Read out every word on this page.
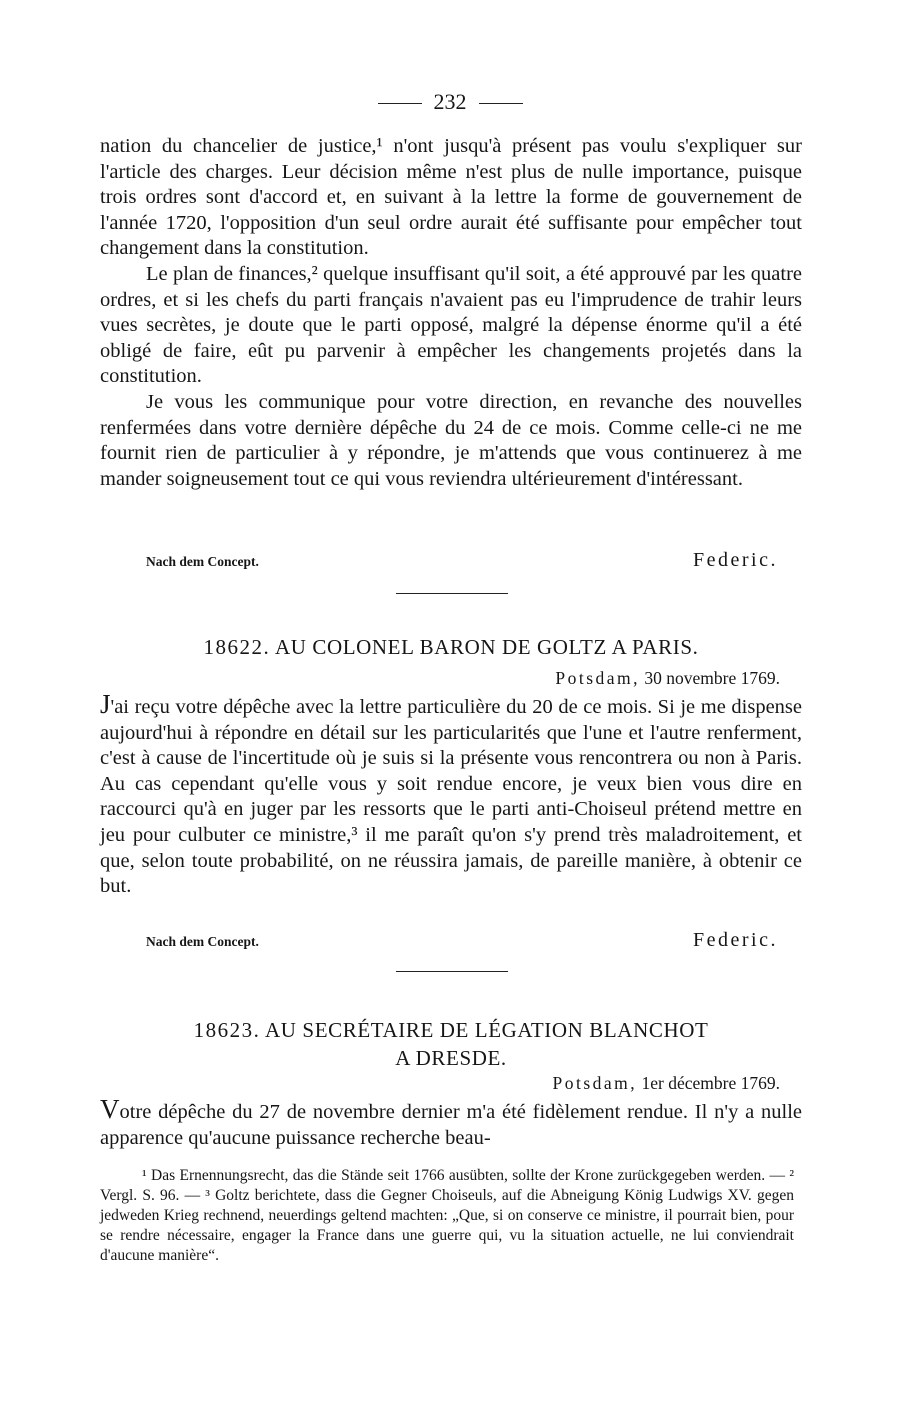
232

nation du chancelier de justice,¹ n'ont jusqu'à présent pas voulu s'expliquer sur l'article des charges. Leur décision même n'est plus de nulle importance, puisque trois ordres sont d'accord et, en suivant à la lettre la forme de gouvernement de l'année 1720, l'opposition d'un seul ordre aurait été suffisante pour empêcher tout changement dans la constitution.

Le plan de finances,² quelque insuffisant qu'il soit, a été approuvé par les quatre ordres, et si les chefs du parti français n'avaient pas eu l'imprudence de trahir leurs vues secrètes, je doute que le parti opposé, malgré la dépense énorme qu'il a été obligé de faire, eût pu parvenir à empêcher les changements projetés dans la constitution.

Je vous les communique pour votre direction, en revanche des nouvelles renfermées dans votre dernière dépêche du 24 de ce mois. Comme celle-ci ne me fournit rien de particulier à y répondre, je m'attends que vous continuerez à me mander soigneusement tout ce qui vous reviendra ultérieurement d'intéressant.

Nach dem Concept.	Federic.
18622. AU COLONEL BARON DE GOLTZ A PARIS.
Potsdam, 30 novembre 1769.

J'ai reçu votre dépêche avec la lettre particulière du 20 de ce mois. Si je me dispense aujourd'hui à répondre en détail sur les particularités que l'une et l'autre renferment, c'est à cause de l'incertitude où je suis si la présente vous rencontrera ou non à Paris. Au cas cependant qu'elle vous y soit rendue encore, je veux bien vous dire en raccourci qu'à en juger par les ressorts que le parti anti-Choiseul prétend mettre en jeu pour culbuter ce ministre,³ il me paraît qu'on s'y prend très maladroitement, et que, selon toute probabilité, on ne réussira jamais, de pareille manière, à obtenir ce but.

Nach dem Concept.	Federic.
18623. AU SECRÉTAIRE DE LÉGATION BLANCHOT
A DRESDE.
Potsdam, 1er décembre 1769.

Votre dépêche du 27 de novembre dernier m'a été fidèlement rendue. Il n'y a nulle apparence qu'aucune puissance recherche beau-

¹ Das Ernennungsrecht, das die Stände seit 1766 ausübten, sollte der Krone zurückgegeben werden. — ² Vergl. S. 96. — ³ Goltz berichtete, dass die Gegner Choiseuls, auf die Abneigung König Ludwigs XV. gegen jedweden Krieg rechnend, neuerdings geltend machten: „Que, si on conserve ce ministre, il pourrait bien, pour se rendre nécessaire, engager la France dans une guerre qui, vu la situation actuelle, ne lui conviendrait d'aucune manière“.
